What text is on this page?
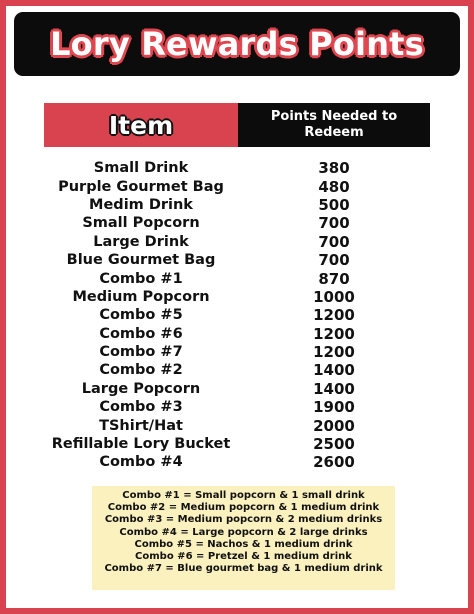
Lory Rewards Points
Item	Points Needed to Redeem
Small Drink	380
Purple Gourmet Bag	480
Medim Drink	500
Small Popcorn	700
Large Drink	700
Blue Gourmet Bag	700
Combo #1	870
Medium Popcorn	1000
Combo #5	1200
Combo #6	1200
Combo #7	1200
Combo #2	1400
Large Popcorn	1400
Combo #3	1900
TShirt/Hat	2000
Refillable Lory Bucket	2500
Combo #4	2600
Combo #1 = Small popcorn & 1 small drink
Combo #2 = Medium popcorn & 1 medium drink
Combo #3 = Medium popcorn & 2 medium drinks
Combo #4 = Large popcorn & 2 large drinks
Combo #5 = Nachos & 1 medium drink
Combo #6 = Pretzel & 1 medium drink
Combo #7 = Blue gourmet bag & 1 medium drink
